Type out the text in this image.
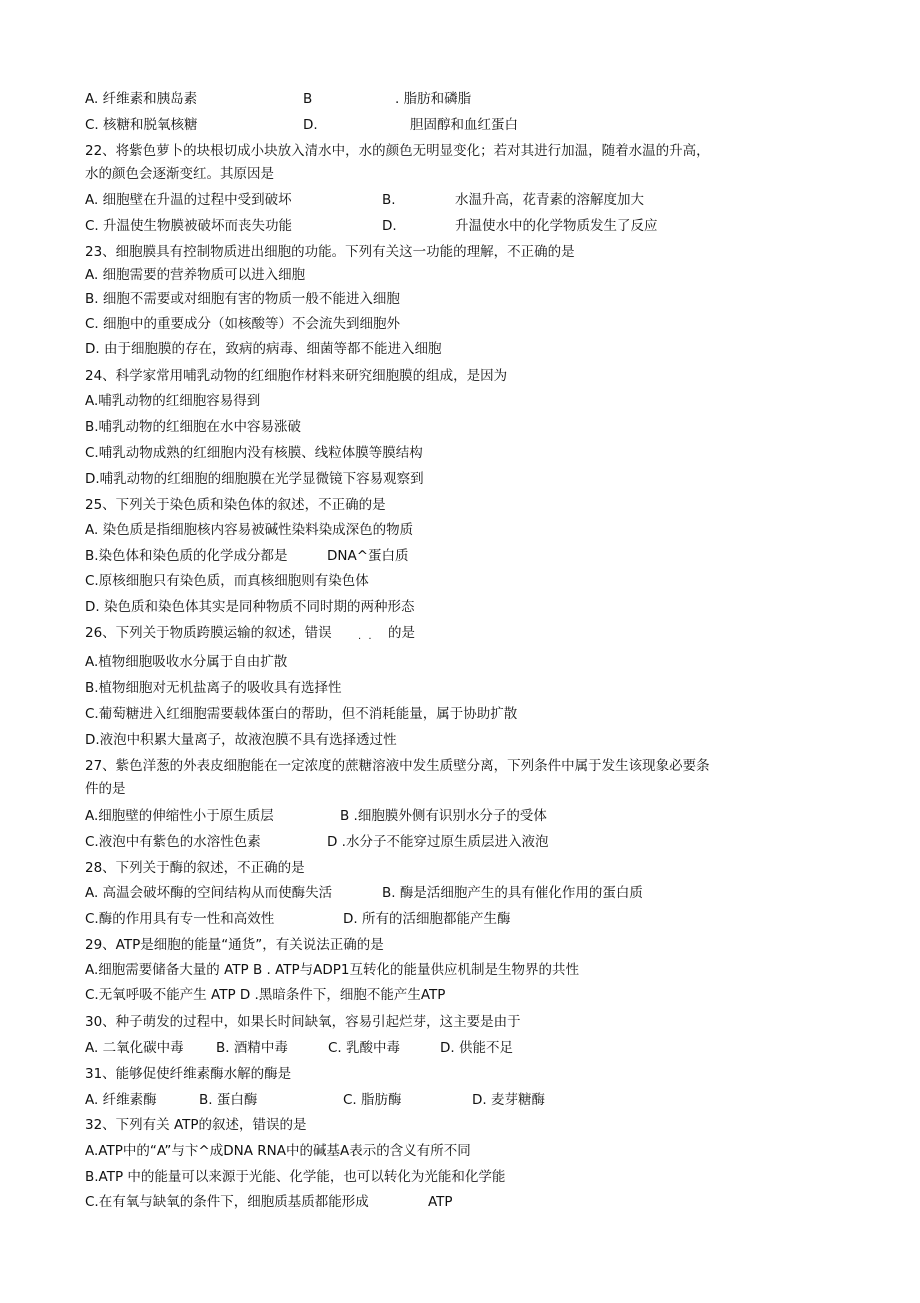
A. 纤维素和胰岛素	B	. 脂肪和磷脂
C. 核糖和脱氧核糖	D.	胆固醇和血红蛋白
22、将紫色萝卜的块根切成小块放入清水中，水的颜色无明显变化；若对其进行加温，随着水温的升高，
水的颜色会逐渐变红。其原因是
A. 细胞壁在升温的过程中受到破坏	B.	水温升高，花青素的溶解度加大
C. 升温使生物膜被破坏而丧失功能	D.	升温使水中的化学物质发生了反应
23、细胞膜具有控制物质进出细胞的功能。下列有关这一功能的理解，不正确的是
A. 细胞需要的营养物质可以进入细胞
B. 细胞不需要或对细胞有害的物质一般不能进入细胞
C. 细胞中的重要成分（如核酸等）不会流失到细胞外
D. 由于细胞膜的存在，致病的病毒、细菌等都不能进入细胞
24、科学家常用哺乳动物的红细胞作材料来研究细胞膜的组成，是因为
A.哺乳动物的红细胞容易得到
B.哺乳动物的红细胞在水中容易涨破
C.哺乳动物成熟的红细胞内没有核膜、线粒体膜等膜结构
D.哺乳动物的红细胞的细胞膜在光学显微镜下容易观察到
25、下列关于染色质和染色体的叙述，不正确的是
A. 染色质是指细胞核内容易被碱性染料染成深色的物质
B.染色体和染色质的化学成分都是	DNA^蛋白质
C.原核细胞只有染色质，而真核细胞则有染色体
D. 染色质和染色体其实是同种物质不同时期的两种形态
26、下列关于物质跨膜运输的叙述，错误	. . 的是
A.植物细胞吸收水分属于自由扩散
B.植物细胞对无机盐离子的吸收具有选择性
C.葡萄糖进入红细胞需要载体蛋白的帮助，但不消耗能量，属于协助扩散
D.液泡中积累大量离子，故液泡膜不具有选择透过性
27、紫色洋葱的外表皮细胞能在一定浓度的蔗糖溶液中发生质壁分离，下列条件中属于发生该现象必要条
件的是
A.细胞壁的伸缩性小于原生质层	B .细胞膜外侧有识别水分子的受体
C.液泡中有紫色的水溶性色素	D .水分子不能穿过原生质层进入液泡
28、下列关于酶的叙述，不正确的是
A. 高温会破坏酶的空间结构从而使酶失活	B. 酶是活细胞产生的具有催化作用的蛋白质
C.酶的作用具有专一性和高效性	D. 所有的活细胞都能产生酶
29、ATP是细胞的能量“通货”，有关说法正确的是
A.细胞需要储备大量的 ATP B . ATP与ADP1互转化的能量供应机制是生物界的共性
C.无氧呼吸不能产生 ATP D .黑暗条件下，细胞不能产生ATP
30、种子萌发的过程中，如果长时间缺氧，容易引起烂芽，这主要是由于
A. 二氧化碳中毒 B. 酒精中毒	C. 乳酸中毒	D. 供能不足
31、能够促使纤维素酶水解的酶是
A. 纤维素酶	B. 蛋白酶	C. 脂肪酶	D. 麦芽糖酶
32、下列有关 ATP的叙述，错误的是
A.ATP中的“A”与卞^成DNA RNA中的碱基A表示的含义有所不同
B.ATP 中的能量可以来源于光能、化学能，也可以转化为光能和化学能
C.在有氧与缺氧的条件下，细胞质基质都能形成	ATP
